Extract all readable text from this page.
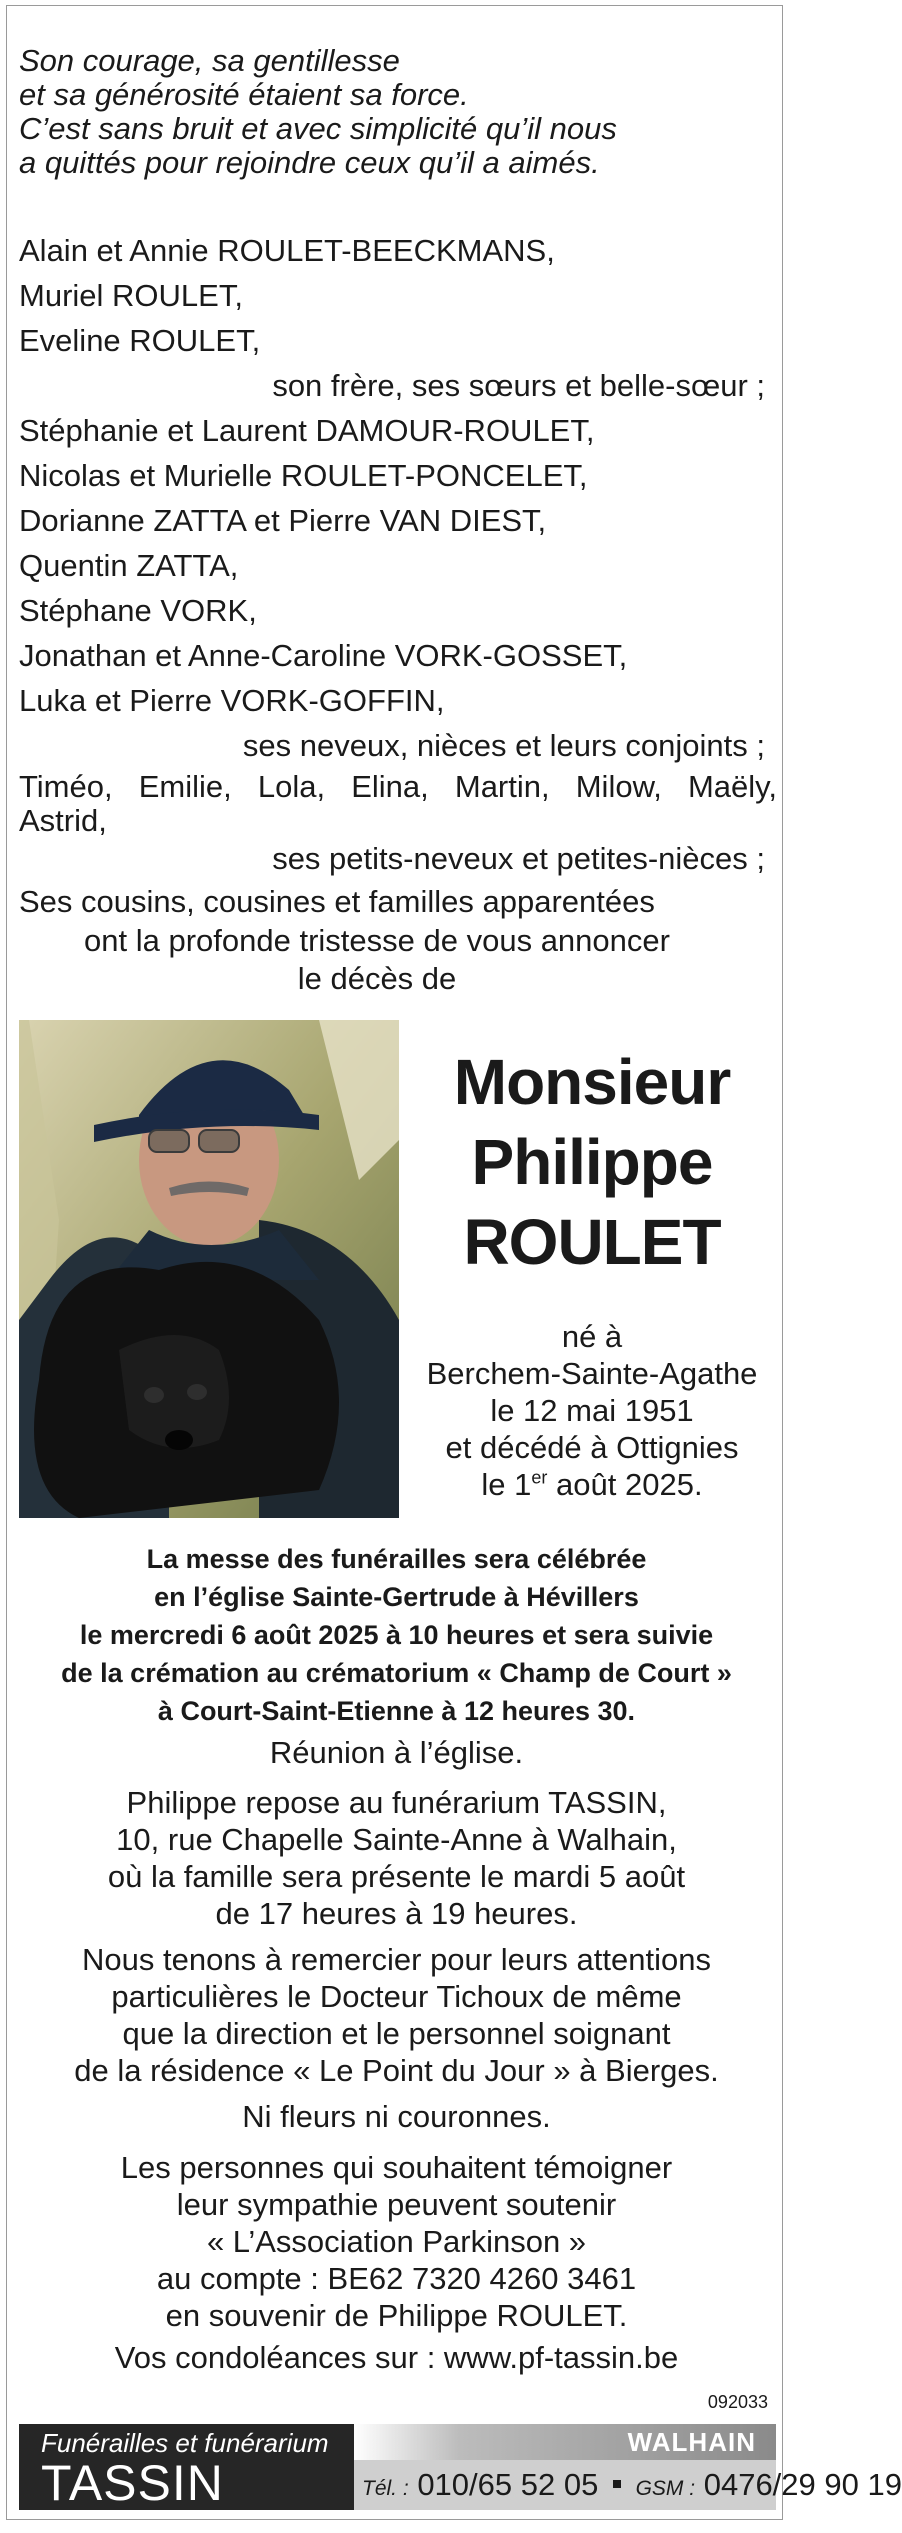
Son courage, sa gentillesse
et sa générosité étaient sa force.
C’est sans bruit et avec simplicité qu’il nous
a quittés pour rejoindre ceux qu’il a aimés.
Alain et Annie ROULET-BEECKMANS,
Muriel ROULET,
Eveline ROULET,
son frère, ses sœurs et belle-sœur ;
Stéphanie et Laurent DAMOUR-ROULET,
Nicolas et Murielle ROULET-PONCELET,
Dorianne ZATTA et Pierre VAN DIEST,
Quentin ZATTA,
Stéphane VORK,
Jonathan et Anne-Caroline VORK-GOSSET,
Luka et Pierre VORK-GOFFIN,
ses neveux, nièces et leurs conjoints ;
Timéo, Emilie, Lola, Elina, Martin, Milow, Maëly,
Astrid,
ses petits-neveux et petites-nièces ;
Ses cousins, cousines et familles apparentées
ont la profonde tristesse de vous annoncer
le décès de
Monsieur
Philippe
ROULET
né à
Berchem-Sainte-Agathe
le 12 mai 1951
et décédé à Ottignies
le 1er août 2025.
La messe des funérailles sera célébrée
en l’église Sainte-Gertrude à Hévillers
le mercredi 6 août 2025 à 10 heures et sera suivie
de la crémation au crématorium « Champ de Court »
à Court-Saint-Etienne à 12 heures 30.
Réunion à l’église.
Philippe repose au funérarium TASSIN,
10, rue Chapelle Sainte-Anne à Walhain,
où la famille sera présente le mardi 5 août
de 17 heures à 19 heures.
Nous tenons à remercier pour leurs attentions
particulières le Docteur Tichoux de même
que la direction et le personnel soignant
de la résidence « Le Point du Jour » à Bierges.
Ni fleurs ni couronnes.
Les personnes qui souhaitent témoigner
leur sympathie peuvent soutenir
« L’Association Parkinson »
au compte : BE62 7320 4260 3461
en souvenir de Philippe ROULET.
Vos condoléances sur : www.pf-tassin.be
092033
Funérailles et funérarium
TASSIN
WALHAIN
Tél. : 010/65 52 05 GSM : 0476/29 90 19
